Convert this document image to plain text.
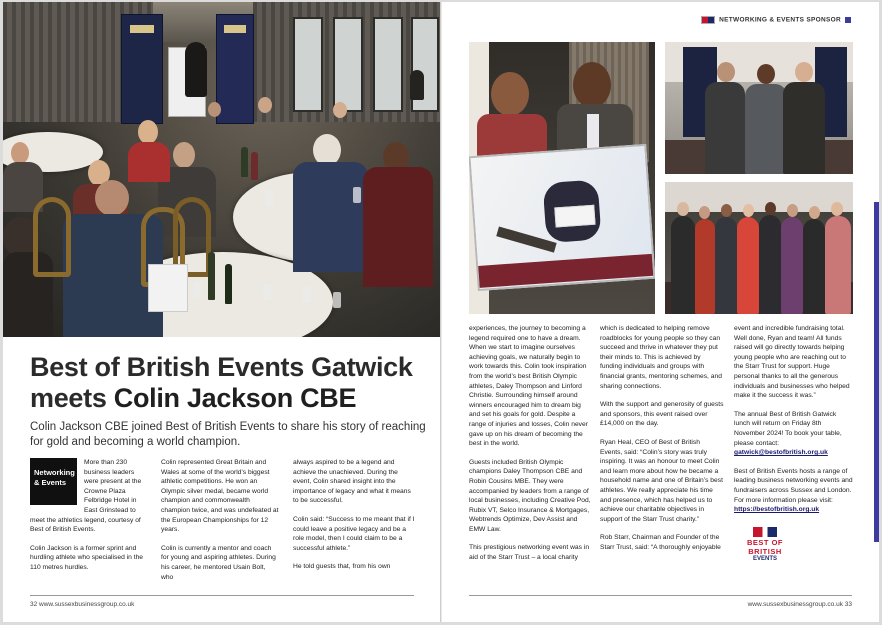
Best of British Events Gatwick meets Colin Jackson CBE

Colin Jackson CBE joined Best of British Events to share his story of reaching for gold and becoming a world champion.

Networking & Events

More than 230 business leaders were present at the Crowne Plaza Felbridge Hotel in East Grinstead to meet the athletics legend, courtesy of Best of British Events.

Colin Jackson is a former sprint and hurdling athlete who specialised in the 110 metres hurdles.

Colin represented Great Britain and Wales at some of the world’s biggest athletic competitions. He won an Olympic silver medal, became world champion and commonwealth champion twice, and was undefeated at the European Championships for 12 years.

Colin is currently a mentor and coach for young and aspiring athletes. During his career, he mentored Usain Bolt, who

always aspired to be a legend and achieve the unachieved. During the event, Colin shared insight into the importance of legacy and what it means to be successful.

Colin said: “Success to me meant that if I could leave a positive legacy and be a role model, then I could claim to be a successful athlete.”

He told guests that, from his own

32 www.sussexbusinessgroup.co.uk
NETWORKING & EVENTS SPONSOR

experiences, the journey to becoming a legend required one to have a dream. When we start to imagine ourselves achieving goals, we naturally begin to work towards this. Colin took inspiration from the world’s best British Olympic athletes, Daley Thompson and Linford Christie. Surrounding himself around winners encouraged him to dream big and set his goals for gold. Despite a range of injuries and losses, Colin never gave up on his dream of becoming the best in the world.

Guests included British Olympic champions Daley Thompson CBE and Robin Cousins MBE. They were accompanied by leaders from a range of local businesses, including Creative Pod, Rubix VT, Selco Insurance & Mortgages, Webtrends Optimize, Dev Assist and EMW Law.

This prestigious networking event was in aid of the Starr Trust – a local charity

which is dedicated to helping remove roadblocks for young people so they can succeed and thrive in whatever they put their minds to. This is achieved by funding individuals and groups with financial grants, mentoring schemes, and sharing connections.

With the support and generosity of guests and sponsors, this event raised over £14,000 on the day.

Ryan Heal, CEO of Best of British Events, said: “Colin’s story was truly inspiring. It was an honour to meet Colin and learn more about how he became a household name and one of Britain’s best athletes. We really appreciate his time and presence, which has helped us to achieve our charitable objectives in support of the Starr Trust charity.”

Rob Starr, Chairman and Founder of the Starr Trust, said: “A thoroughly enjoyable

event and incredible fundraising total. Well done, Ryan and team! All funds raised will go directly towards helping young people who are reaching out to the Starr Trust for support. Huge personal thanks to all the generous individuals and businesses who helped make it the success it was.”

The annual Best of British Gatwick lunch will return on Friday 8th November 2024! To book your table, please contact:
gatwick@bestofbritish.org.uk

Best of British Events hosts a range of leading business networking events and fundraisers across Sussex and London. For more information please visit:
https://bestofbritish.org.uk

BEST OF BRITISH
EVENTS
www.sussexbusinessgroup.co.uk 33
